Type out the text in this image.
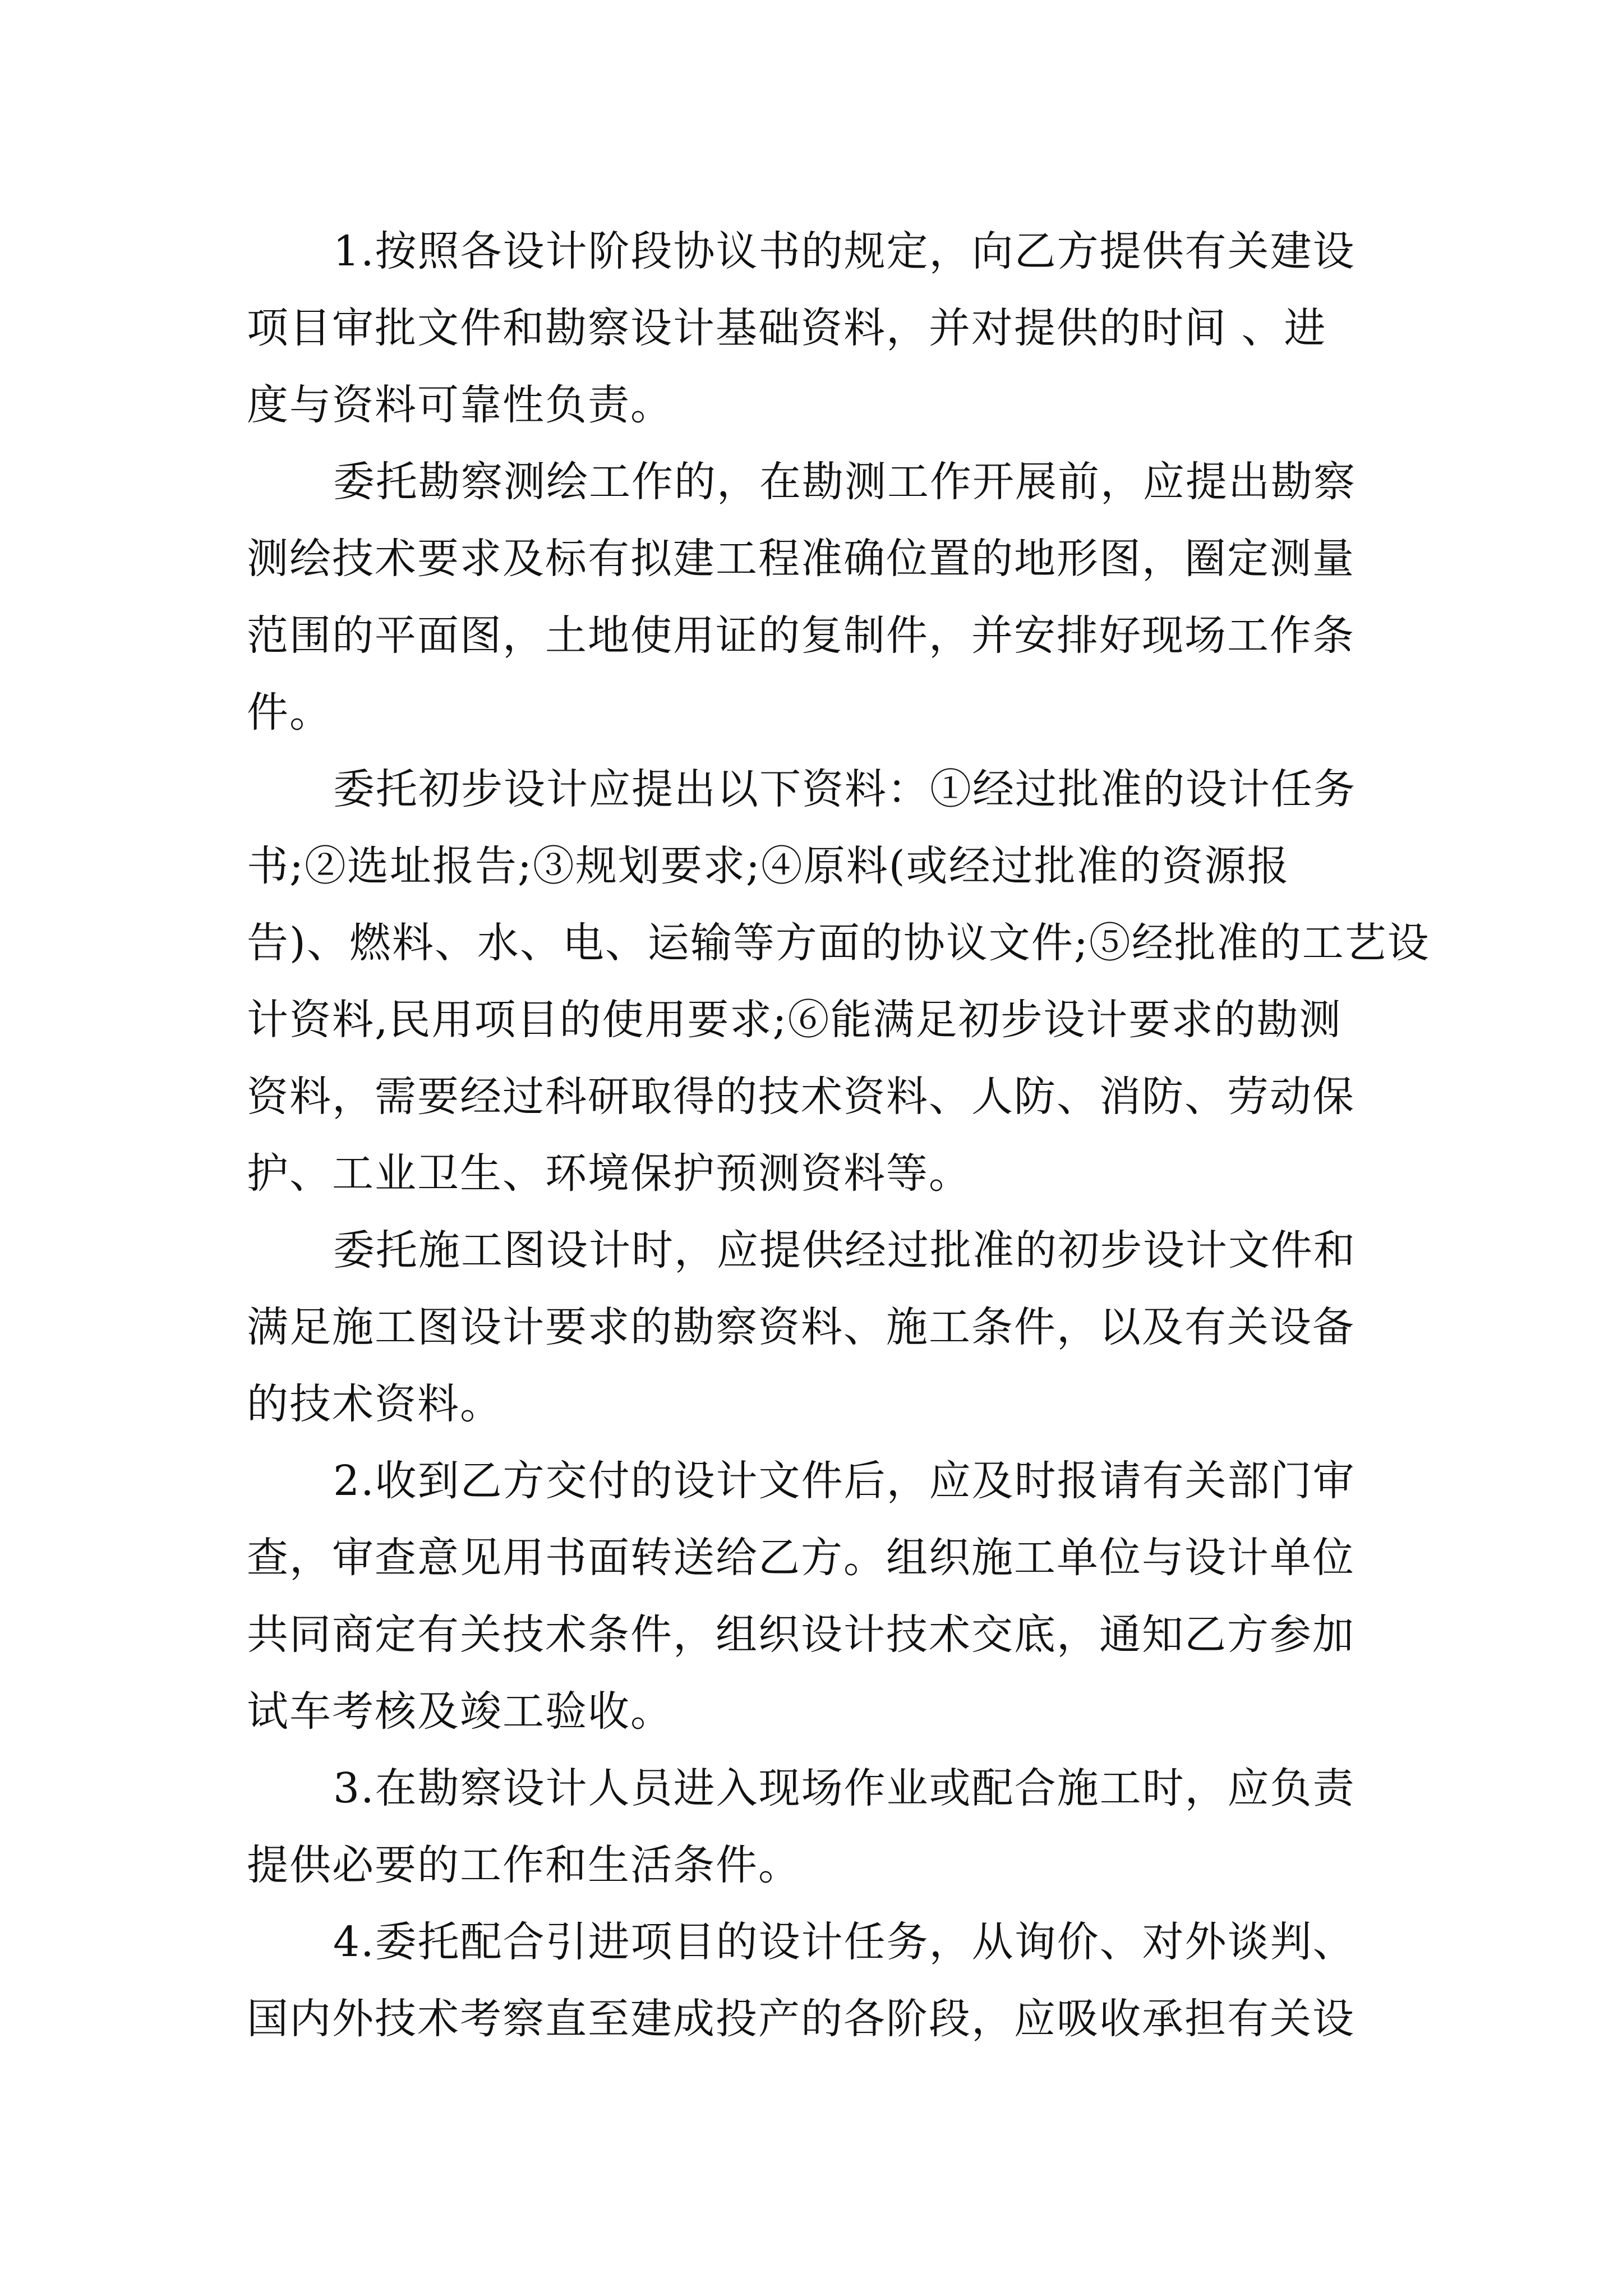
1.按照各设计阶段协议书的规定，向乙方提供有关建设
项目审批文件和勘察设计基础资料，并对提供的时间 、进
度与资料可靠性负责。
委托勘察测绘工作的，在勘测工作开展前，应提出勘察
测绘技术要求及标有拟建工程准确位置的地形图，圈定测量
范围的平面图，土地使用证的复制件，并安排好现场工作条
件。
委托初步设计应提出以下资料：①经过批准的设计任务
书;②选址报告;③规划要求;④原料(或经过批准的资源报
告)、燃料、水、电、运输等方面的协议文件;⑤经批准的工艺设
计资料,民用项目的使用要求;⑥能满足初步设计要求的勘测
资料，需要经过科研取得的技术资料、人防、消防、劳动保
护、工业卫生、环境保护预测资料等。
委托施工图设计时，应提供经过批准的初步设计文件和
满足施工图设计要求的勘察资料、施工条件，以及有关设备
的技术资料。
2.收到乙方交付的设计文件后，应及时报请有关部门审
查，审查意见用书面转送给乙方。组织施工单位与设计单位
共同商定有关技术条件，组织设计技术交底，通知乙方参加
试车考核及竣工验收。
3.在勘察设计人员进入现场作业或配合施工时，应负责
提供必要的工作和生活条件。
4.委托配合引进项目的设计任务，从询价、对外谈判、
国内外技术考察直至建成投产的各阶段，应吸收承担有关设
